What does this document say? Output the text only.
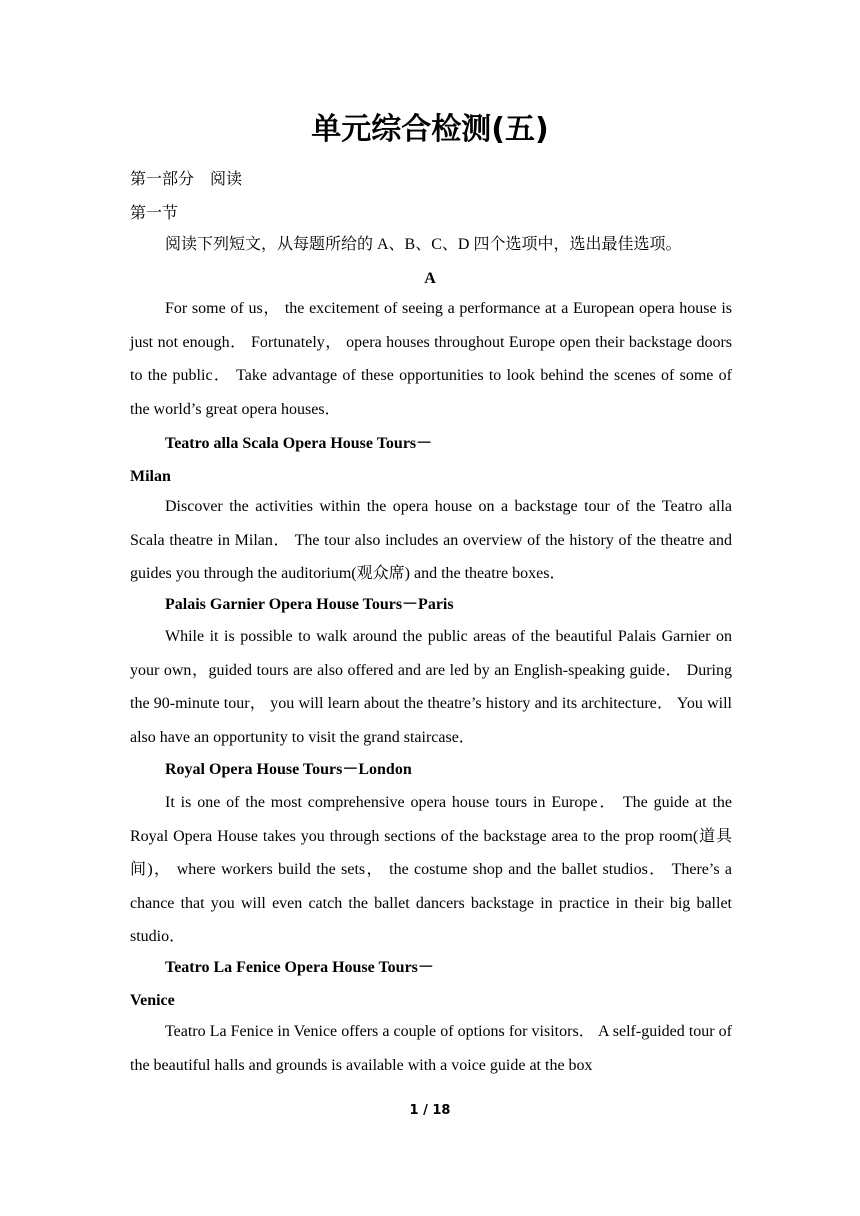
单元综合检测(五)
第一部分　阅读
第一节
阅读下列短文，从每题所给的 A、B、C、D 四个选项中，选出最佳选项。
A
For some of us， the excitement of seeing a performance at a European opera house is just not enough． Fortunately， opera houses throughout Europe open their backstage doors to the public． Take advantage of these opportunities to look behind the scenes of some of the world’s great opera houses．
Teatro alla Scala Opera House Tours－
Milan
Discover the activities within the opera house on a backstage tour of the Teatro alla Scala theatre in Milan． The tour also includes an overview of the history of the theatre and guides you through the auditorium(观众席) and the theatre boxes．
Palais Garnier Opera House Tours－Paris
While it is possible to walk around the public areas of the beautiful Palais Garnier on your own，guided tours are also offered and are led by an English-speaking guide． During the 90-minute tour， you will learn about the theatre’s history and its architecture． You will also have an opportunity to visit the grand staircase．
Royal Opera House Tours－London
It is one of the most comprehensive opera house tours in Europe． The guide at the Royal Opera House takes you through sections of the backstage area to the prop room(道具间)， where workers build the sets， the costume shop and the ballet studios． There’s a chance that you will even catch the ballet dancers backstage in practice in their big ballet studio．
Teatro La Fenice Opera House Tours－
Venice
Teatro La Fenice in Venice offers a couple of options for visitors． A self-guided tour of the beautiful halls and grounds is available with a voice guide at the box
1 / 18
